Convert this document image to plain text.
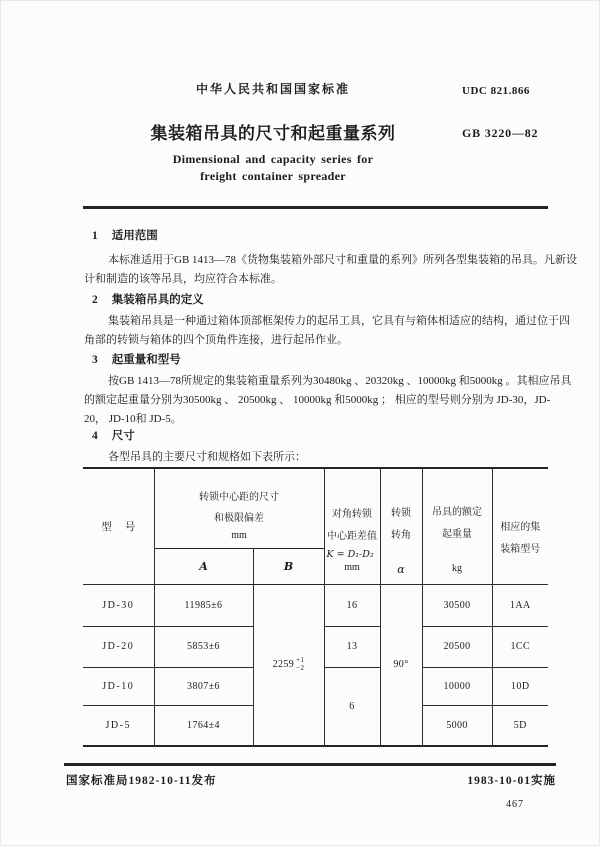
中华人民共和国国家标准	UDC 821.866
集装箱吊具的尺寸和起重量系列	GB 3220—82
Dimensional and capacity series for
freight container spreader
1 适用范围
本标准适用于GB 1413—78《货物集装箱外部尺寸和重量的系列》所列各型集装箱的吊具。凡新设
计和制造的该等吊具，均应符合本标准。
2 集装箱吊具的定义
集装箱吊具是一种通过箱体顶部框架传力的起吊工具，它具有与箱体相适应的结构，通过位于四
角部的转锁与箱体的四个顶角件连接，进行起吊作业。
3 起重量和型号
按GB 1413—78所规定的集装箱重量系列为30480kg 、20320kg 、10000kg 和5000kg 。其相应吊具
的额定起重量分别为30500kg 、 20500kg 、 10000kg 和5000kg ； 相应的型号则分别为 JD-30，JD-
20， JD-10和 JD-5。
4 尺寸
各型吊具的主要尺寸和规格如下表所示：
型     号	转锁中心距的尺寸
和极限偏差
mm		对角转锁
中心距差值
K = D₁-D₂
mm	转锁
转角
α	吊具的额定
起重量
kg	相应的集
装箱型号

	A	B				
JD-30	11985±6	2259 +1
−2	16	90°	30500	1AA
JD-20	5853±6		13		20500	1CC
JD-10	3807±6		6		10000	10D
JD-5	1764±4				5000	5D
国家标准局1982-10-11发布	1983-10-01实施
467
